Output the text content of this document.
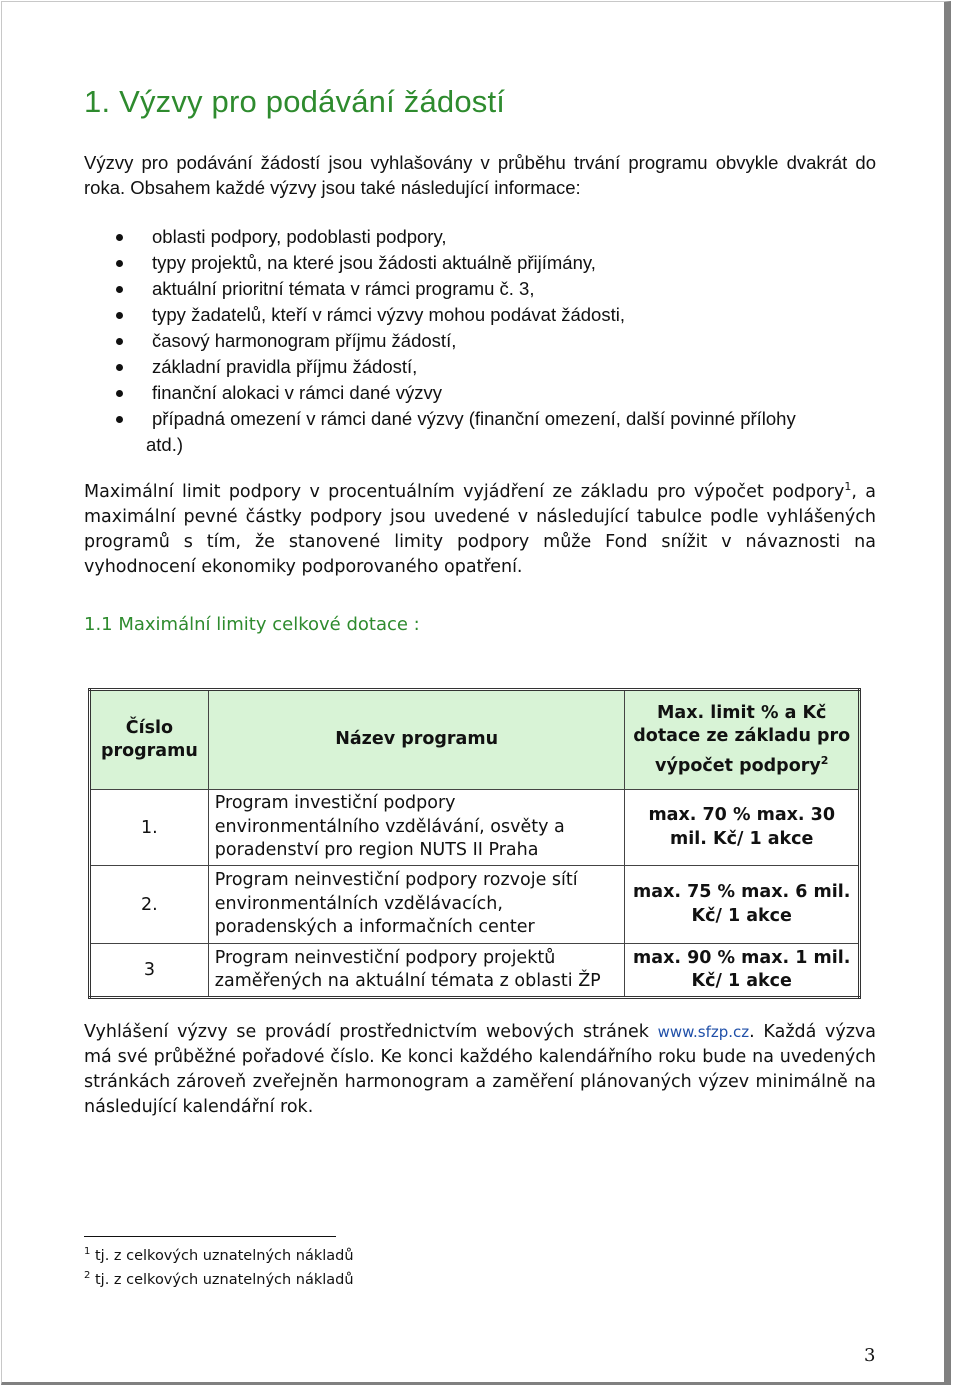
1. Výzvy pro podávání žádostí

Výzvy pro podávání žádostí jsou vyhlašovány v průběhu trvání programu obvykle dvakrát do roka. Obsahem každé výzvy jsou také následující informace:

oblasti podpory, podoblasti podpory,
typy projektů, na které jsou žádosti aktuálně přijímány,
aktuální prioritní témata v rámci programu č. 3,
typy žadatelů, kteří v rámci výzvy mohou podávat žádosti,
časový harmonogram příjmu žádostí,
základní pravidla příjmu žádostí,
finanční alokaci v rámci dané výzvy
případná omezení v rámci dané výzvy (finanční omezení, další povinné přílohy
atd.)

Maximální limit podpory v procentuálním vyjádření ze základu pro výpočet podpory$^1$, a maximální pevné částky podpory jsou uvedené v následující tabulce podle vyhlášených programů s tím, že stanovené limity podpory může Fond snížit v návaznosti na vyhodnocení ekonomiky podporovaného opatření.

1.1 Maximální limity celkové dotace :
Číslo programu	Název programu	Max. limit % a Kč dotace ze základu pro výpočet podpory$^2$
1.	Program investiční podpory environmentálního vzdělávání, osvěty a poradenství pro region NUTS II Praha	max. 70 % max. 30 mil. Kč/ 1 akce
2.	Program neinvestiční podpory rozvoje sítí environmentálních vzdělávacích, poradenských a informačních center	max. 75 % max. 6 mil. Kč/ 1 akce
3	Program neinvestiční podpory projektů zaměřených na aktuální témata z oblasti ŽP	max. 90 % max. 1 mil. Kč/ 1 akce

Vyhlášení výzvy se provádí prostřednictvím webových stránek www.sfzp.cz. Každá výzva má své průběžné pořadové číslo. Ke konci každého kalendářního roku bude na uvedených stránkách zároveň zveřejněn harmonogram a zaměření plánovaných výzev minimálně na následující kalendářní rok.

$^1$ tj. z celkových uznatelných nákladů
$^2$ tj. z celkových uznatelných nákladů
3
